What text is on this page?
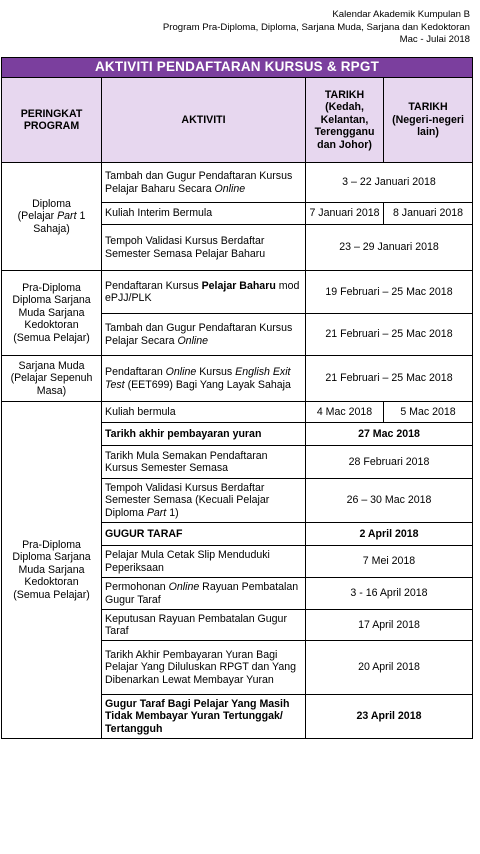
Kalendar Akademik Kumpulan B
Program Pra-Diploma, Diploma, Sarjana Muda, Sarjana dan Kedoktoran
Mac - Julai 2018
AKTIVITI PENDAFTARAN KURSUS & RPGT			
PERINGKAT PROGRAM	AKTIVITI	TARIKH (Kedah, Kelantan, Terengganu dan Johor)	TARIKH (Negeri-negeri lain)
Diploma
(Pelajar Part 1 Sahaja)	Tambah dan Gugur Pendaftaran Kursus Pelajar Baharu Secara Online	3 – 22 Januari 2018	
	Kuliah Interim Bermula	7 Januari 2018	8 Januari 2018
	Tempoh Validasi Kursus Berdaftar Semester Semasa Pelajar Baharu	23 – 29 Januari 2018	
Pra-Diploma Diploma Sarjana Muda Sarjana Kedoktoran (Semua Pelajar)	Pendaftaran Kursus Pelajar Baharu mod ePJJ/PLK	19 Februari – 25 Mac 2018	
	Tambah dan Gugur Pendaftaran Kursus Pelajar Secara Online	21 Februari – 25 Mac 2018	
Sarjana Muda (Pelajar Sepenuh Masa)	Pendaftaran Online Kursus English Exit Test (EET699) Bagi Yang Layak Sahaja	21 Februari – 25 Mac 2018	
Pra-Diploma Diploma Sarjana Muda Sarjana Kedoktoran (Semua Pelajar)	Kuliah bermula	4 Mac 2018	5 Mac 2018
	Tarikh akhir pembayaran yuran	27 Mac 2018	
	Tarikh Mula Semakan Pendaftaran Kursus Semester Semasa	28 Februari 2018	
	Tempoh Validasi Kursus Berdaftar Semester Semasa (Kecuali Pelajar Diploma Part 1)	26 – 30 Mac 2018	
	GUGUR TARAF	2 April 2018	
	Pelajar Mula Cetak Slip Menduduki Peperiksaan	7 Mei 2018	
	Permohonan Online Rayuan Pembatalan Gugur Taraf	3 - 16 April 2018	
	Keputusan Rayuan Pembatalan Gugur Taraf	17 April 2018	
	Tarikh Akhir Pembayaran Yuran Bagi Pelajar Yang Diluluskan RPGT dan Yang Dibenarkan Lewat Membayar Yuran	20 April 2018	
	Gugur Taraf Bagi Pelajar Yang Masih Tidak Membayar Yuran Tertunggak/ Tertangguh	23 April 2018	
